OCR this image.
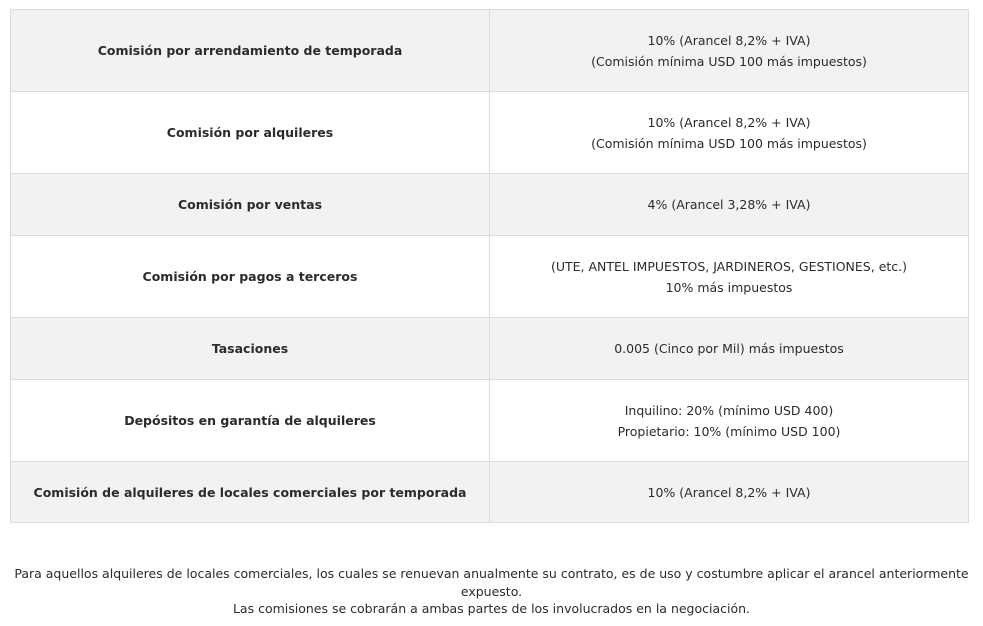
Comisión por arrendamiento de temporada	10% (Arancel 8,2% + IVA)
(Comisión mínima USD 100 más impuestos)

Comisión por alquileres	10% (Arancel 8,2% + IVA)
(Comisión mínima USD 100 más impuestos)

Comisión por ventas	4% (Arancel 3,28% + IVA)

Comisión por pagos a terceros	(UTE, ANTEL IMPUESTOS, JARDINEROS, GESTIONES, etc.)
10% más impuestos

Tasaciones	0.005 (Cinco por Mil) más impuestos

Depósitos en garantía de alquileres	Inquilino: 20% (mínimo USD 400)
Propietario: 10% (mínimo USD 100)

Comisión de alquileres de locales comerciales por temporada	10% (Arancel 8,2% + IVA)

Para aquellos alquileres de locales comerciales, los cuales se renuevan anualmente su contrato, es de uso y costumbre aplicar el arancel anteriormente expuesto.

Las comisiones se cobrarán a ambas partes de los involucrados en la negociación.
